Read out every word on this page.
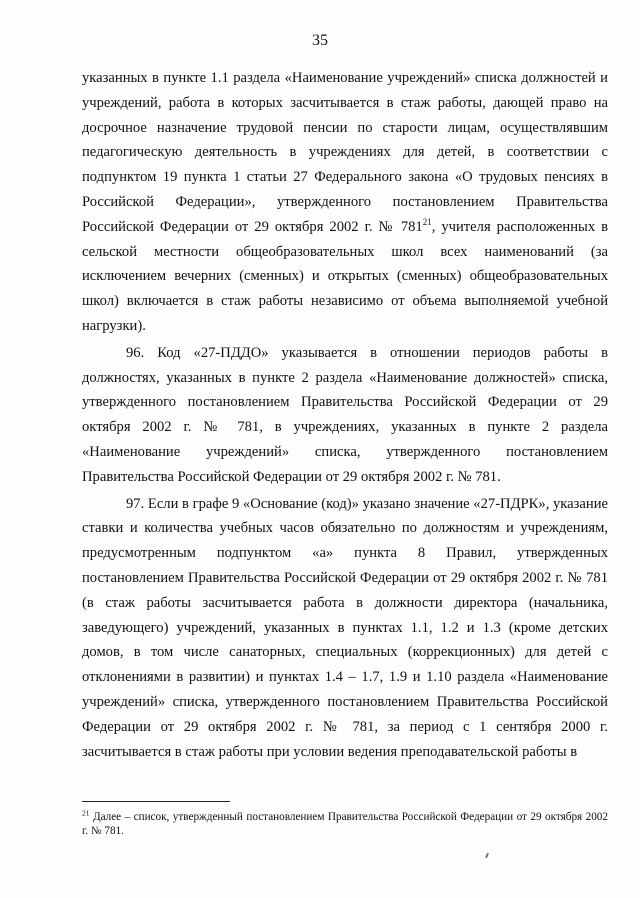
35

указанных в пункте 1.1 раздела «Наименование учреждений» списка должностей и учреждений, работа в которых засчитывается в стаж работы, дающей право на досрочное назначение трудовой пенсии по старости лицам, осуществлявшим педагогическую деятельность в учреждениях для детей, в соответствии с подпунктом 19 пункта 1 статьи 27 Федерального закона «О трудовых пенсиях в Российской Федерации», утвержденного постановлением Правительства Российской Федерации от 29 октября 2002 г. № $781^{21}$, учителя расположенных в сельской местности общеобразовательных школ всех наименований (за исключением вечерних (сменных) и открытых (сменных) общеобразовательных школ) включается в стаж работы независимо от объема выполняемой учебной нагрузки).

96. Код «27-ПДДО» указывается в отношении периодов работы в должностях, указанных в пункте 2 раздела «Наименование должностей» списка, утвержденного постановлением Правительства Российской Федерации от 29 октября 2002 г. № 781, в учреждениях, указанных в пункте 2 раздела «Наименование учреждений» списка, утвержденного постановлением Правительства Российской Федерации от 29 октября 2002 г. № 781.

97. Если в графе 9 «Основание (код)» указано значение «27-ПДРК», указание ставки и количества учебных часов обязательно по должностям и учреждениям, предусмотренным подпунктом «а» пункта 8 Правил, утвержденных постановлением Правительства Российской Федерации от 29 октября 2002 г. № 781 (в стаж работы засчитывается работа в должности директора (начальника, заведующего) учреждений, указанных в пунктах 1.1, 1.2 и 1.3 (кроме детских домов, в том числе санаторных, специальных (коррекционных) для детей с отклонениями в развитии) и пунктах 1.4 – 1.7, 1.9 и 1.10 раздела «Наименование учреждений» списка, утвержденного постановлением Правительства Российской Федерации от 29 октября 2002 г. № 781, за период с 1 сентября 2000 г. засчитывается в стаж работы при условии ведения преподавательской работы в

$^{21}$ Далее – список, утвержденный постановлением Правительства Российской Федерации от 29 октября 2002 г. № 781.
